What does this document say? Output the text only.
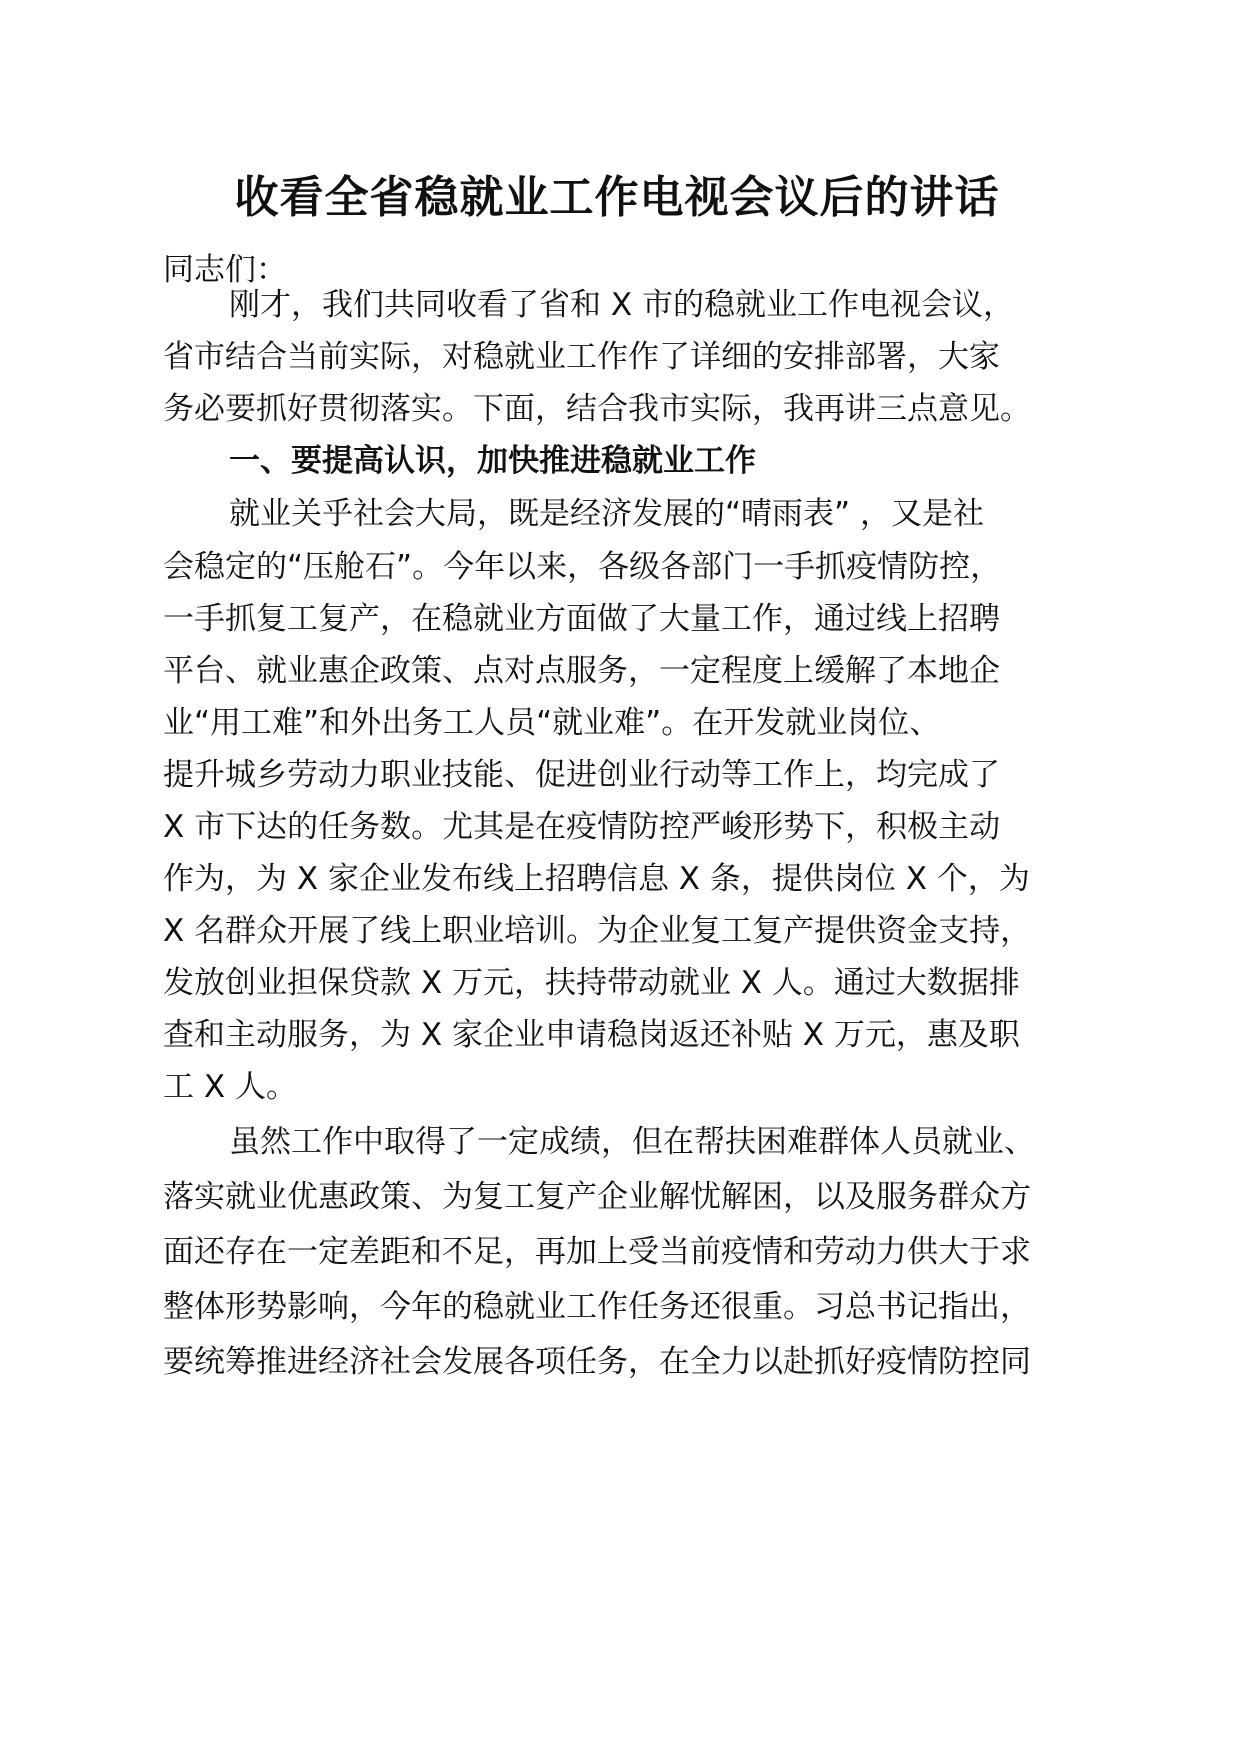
收看全省稳就业工作电视会议后的讲话
同志们：
刚才，我们共同收看了省和 X 市的稳就业工作电视会议，
省市结合当前实际，对稳就业工作作了详细的安排部署，大家
务必要抓好贯彻落实。下面，结合我市实际，我再讲三点意见。
一、要提高认识，加快推进稳就业工作
就业关乎社会大局，既是经济发展的“晴雨表” ，又是社
会稳定的“压舱石”。今年以来，各级各部门一手抓疫情防控，
一手抓复工复产，在稳就业方面做了大量工作，通过线上招聘
平台、就业惠企政策、点对点服务，一定程度上缓解了本地企
业“用工难”和外出务工人员“就业难”。在开发就业岗位、
提升城乡劳动力职业技能、促进创业行动等工作上，均完成了
X 市下达的任务数。尤其是在疫情防控严峻形势下，积极主动
作为，为 X 家企业发布线上招聘信息 X 条，提供岗位 X 个，为
X 名群众开展了线上职业培训。为企业复工复产提供资金支持，
发放创业担保贷款 X 万元，扶持带动就业 X 人。通过大数据排
查和主动服务，为 X 家企业申请稳岗返还补贴 X 万元，惠及职
工 X 人。
虽然工作中取得了一定成绩，但在帮扶困难群体人员就业、
落实就业优惠政策、为复工复产企业解忧解困，以及服务群众方
面还存在一定差距和不足，再加上受当前疫情和劳动力供大于求
整体形势影响，今年的稳就业工作任务还很重。习总书记指出，
要统筹推进经济社会发展各项任务，在全力以赴抓好疫情防控同
